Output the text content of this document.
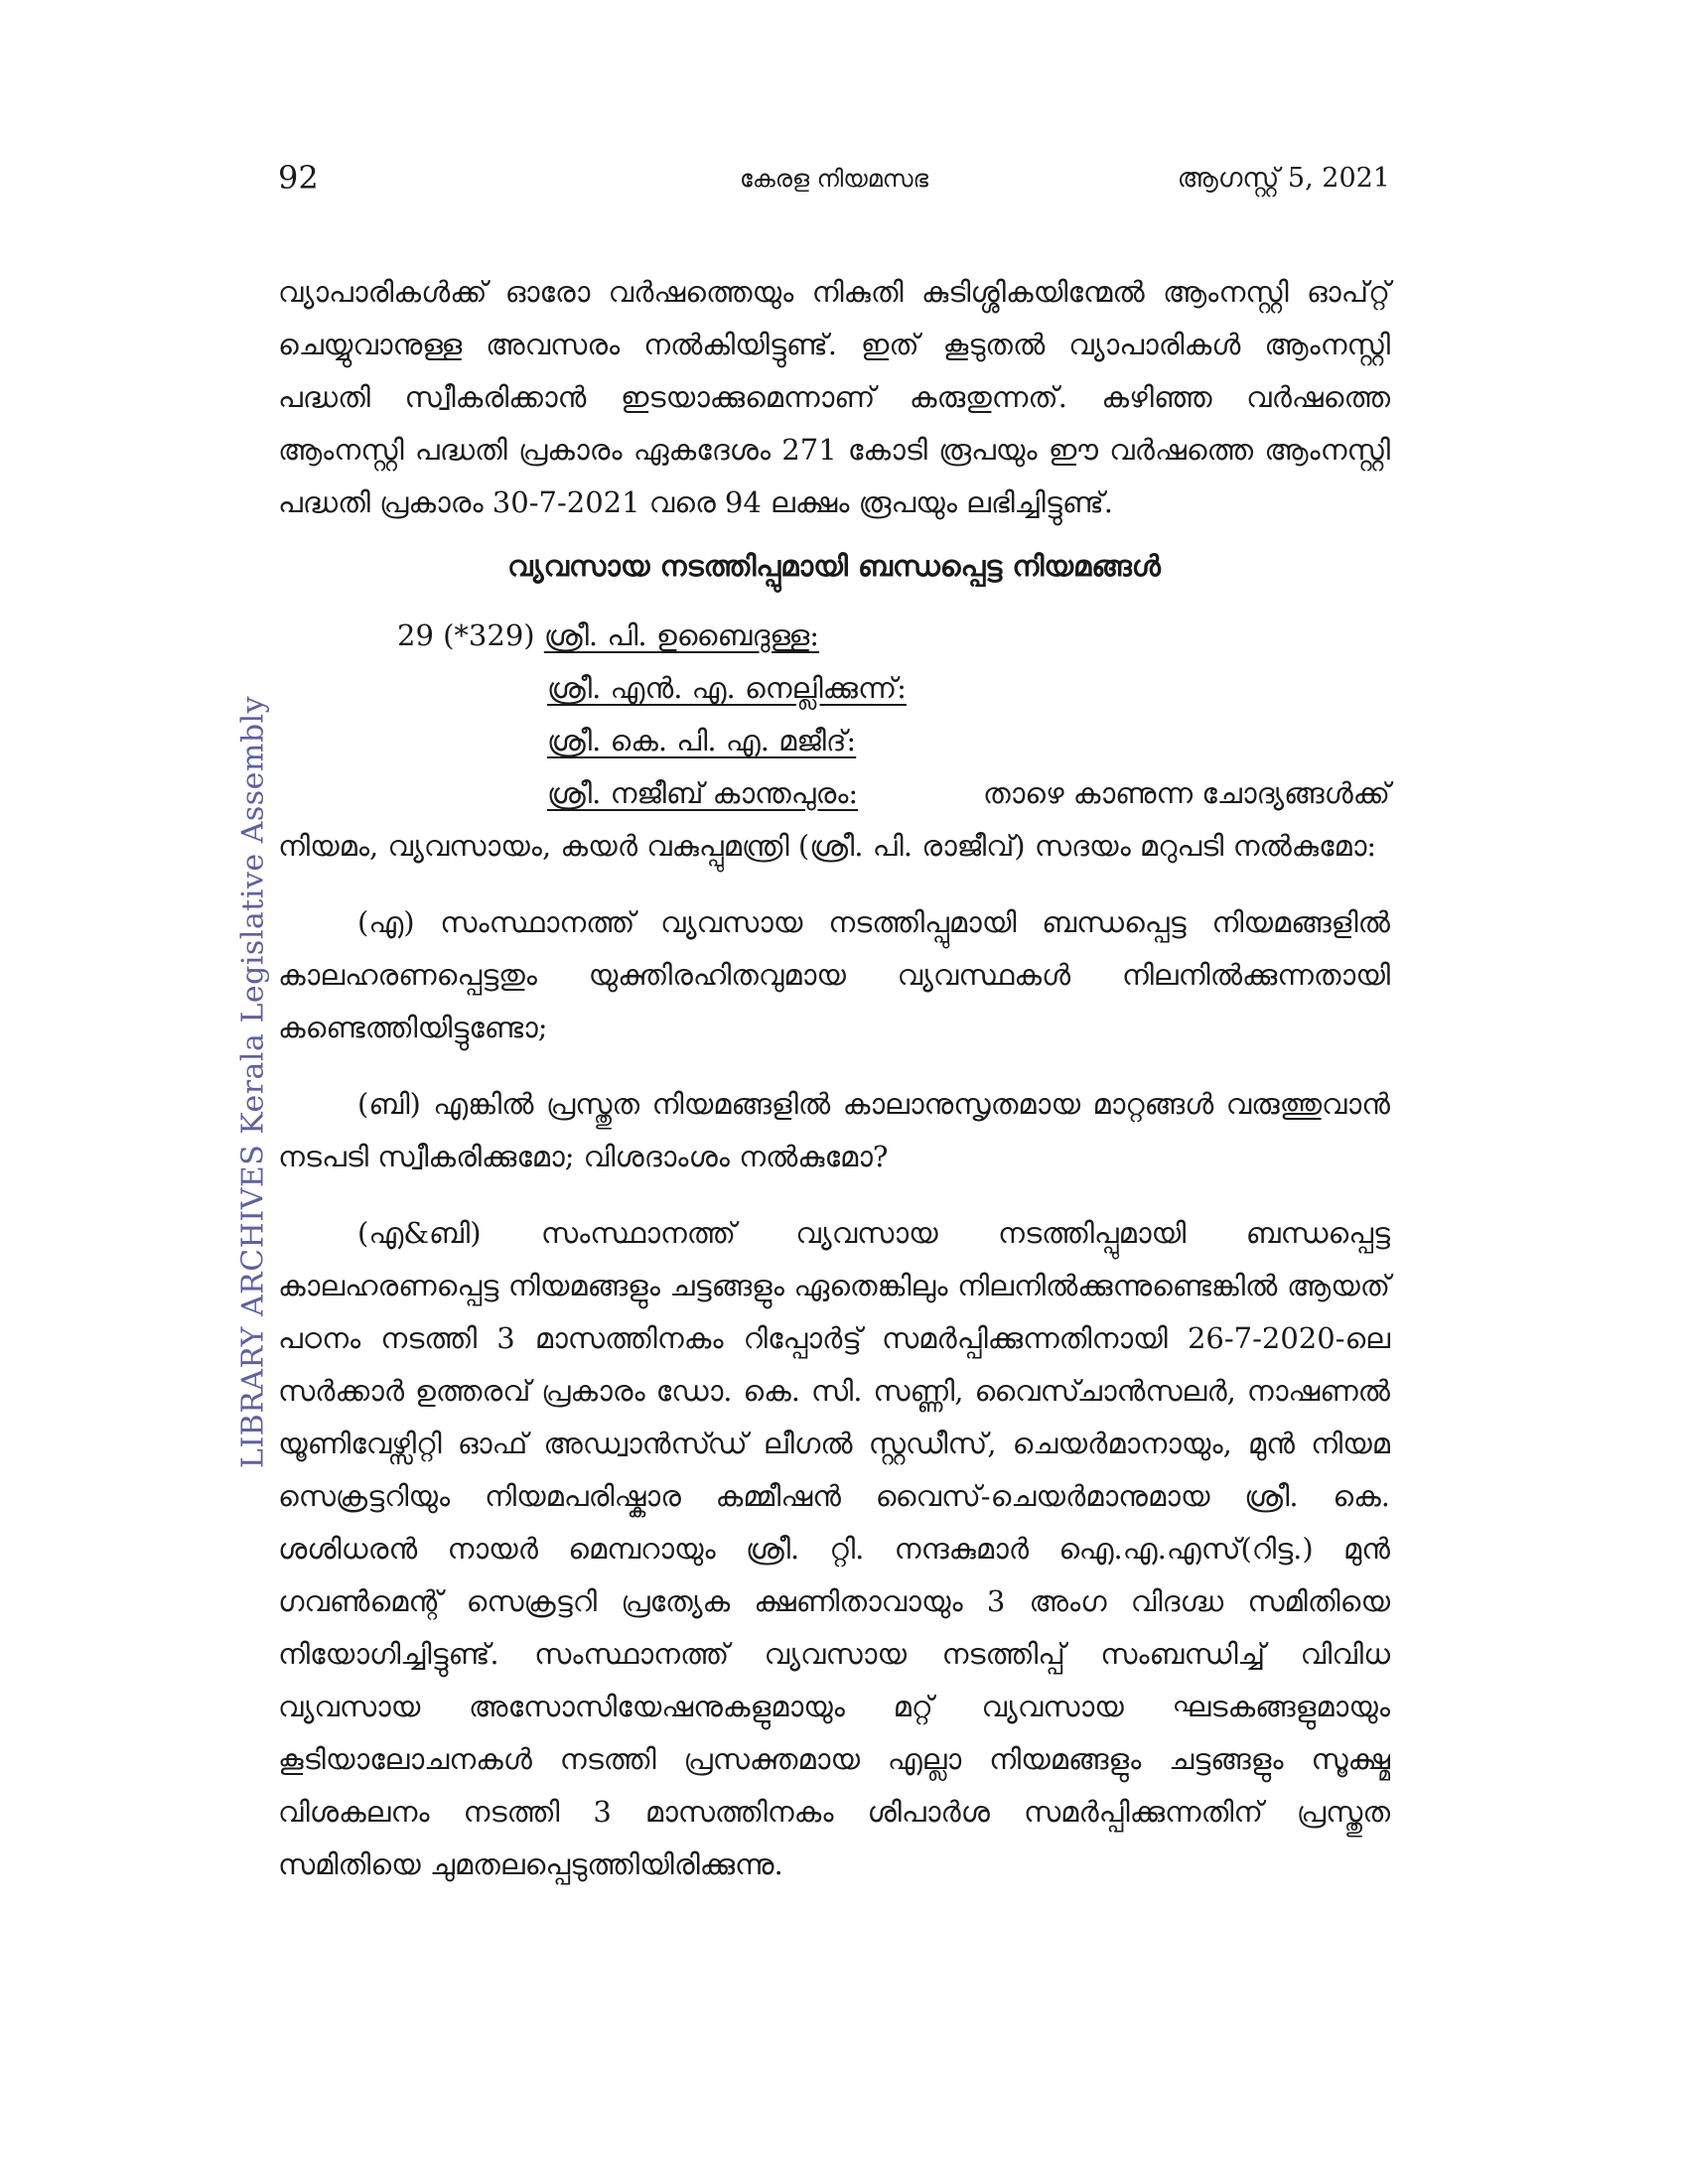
92	കേരള നിയമസഭ	ആഗസ്റ്റ് 5, 2021
LIBRARY ARCHIVES Kerala Legislative Assembly

വ്യാപാരികൾക്ക് ഓരോ വർഷത്തെയും നികുതി കുടിശ്ശികയിന്മേൽ ആംനസ്റ്റി ഓപ്റ്റ് ചെയ്യുവാനുള്ള അവസരം നൽകിയിട്ടുണ്ട്. ഇത് കൂടുതൽ വ്യാപാരികൾ ആംനസ്റ്റി പദ്ധതി സ്വീകരിക്കാൻ ഇടയാക്കുമെന്നാണ് കരുതുന്നത്. കഴിഞ്ഞ വർഷത്തെ ആംനസ്റ്റി പദ്ധതി പ്രകാരം ഏകദേശം 271 കോടി രൂപയും ഈ വർഷത്തെ ആംനസ്റ്റി പദ്ധതി പ്രകാരം 30-7-2021 വരെ 94 ലക്ഷം രൂപയും ലഭിച്ചിട്ടുണ്ട്.

വ്യവസായ നടത്തിപ്പുമായി ബന്ധപ്പെട്ട നിയമങ്ങൾ
29 (*329) ശ്രീ. പി. ഉബൈദുള്ള:
ശ്രീ. എൻ. എ. നെല്ലിക്കുന്ന്:
ശ്രീ. കെ. പി. എ. മജീദ്:
ശ്രീ. നജീബ് കാന്തപുരം:	താഴെ കാണുന്ന ചോദ്യങ്ങൾക്ക്

നിയമം, വ്യവസായം, കയർ വകുപ്പുമന്ത്രി (ശ്രീ. പി. രാജീവ്) സദയം മറുപടി നൽകുമോ:

(എ) സംസ്ഥാനത്ത് വ്യവസായ നടത്തിപ്പുമായി ബന്ധപ്പെട്ട നിയമങ്ങളിൽ കാലഹരണപ്പെട്ടതും യുക്തിരഹിതവുമായ വ്യവസ്ഥകൾ നിലനിൽക്കുന്നതായി കണ്ടെത്തിയിട്ടുണ്ടോ;

(ബി) എങ്കിൽ പ്രസ്തുത നിയമങ്ങളിൽ കാലാനുസൃതമായ മാറ്റങ്ങൾ വരുത്തുവാൻ നടപടി സ്വീകരിക്കുമോ; വിശദാംശം നൽകുമോ?

(എ&ബി) സംസ്ഥാനത്ത് വ്യവസായ നടത്തിപ്പുമായി ബന്ധപ്പെട്ട കാലഹരണപ്പെട്ട നിയമങ്ങളും ചട്ടങ്ങളും ഏതെങ്കിലും നിലനിൽക്കുന്നുണ്ടെങ്കിൽ ആയത് പഠനം നടത്തി 3 മാസത്തിനകം റിപ്പോർട്ട് സമർപ്പിക്കുന്നതിനായി 26-7-2020-ലെ സർക്കാർ ഉത്തരവ് പ്രകാരം ഡോ. കെ. സി. സണ്ണി, വൈസ്ചാൻസലർ, നാഷണൽ യൂണിവേഴ്സിറ്റി ഓഫ് അഡ്വാൻസ്ഡ് ലീഗൽ സ്റ്റഡീസ്, ചെയർമാനായും, മുൻ നിയമ സെക്രട്ടറിയും നിയമപരിഷ്കാര കമ്മീഷൻ വൈസ്-ചെയർമാനുമായ ശ്രീ. കെ. ശശിധരൻ നായർ മെമ്പറായും ശ്രീ. റ്റി. നന്ദകുമാർ ഐ.എ.എസ്(റിട്ട.) മുൻ ഗവൺമെന്റ് സെക്രട്ടറി പ്രത്യേക ക്ഷണിതാവായും 3 അംഗ വിദഗ്ദ്ധ സമിതിയെ നിയോഗിച്ചിട്ടുണ്ട്. സംസ്ഥാനത്ത് വ്യവസായ നടത്തിപ്പ് സംബന്ധിച്ച് വിവിധ വ്യവസായ അസോസിയേഷനുകളുമായും മറ്റ് വ്യവസായ ഘടകങ്ങളുമായും കൂടിയാലോചനകൾ നടത്തി പ്രസക്തമായ എല്ലാ നിയമങ്ങളും ചട്ടങ്ങളും സൂക്ഷ്മ വിശകലനം നടത്തി 3 മാസത്തിനകം ശിപാർശ സമർപ്പിക്കുന്നതിന് പ്രസ്തുത സമിതിയെ ചുമതലപ്പെടുത്തിയിരിക്കുന്നു.
